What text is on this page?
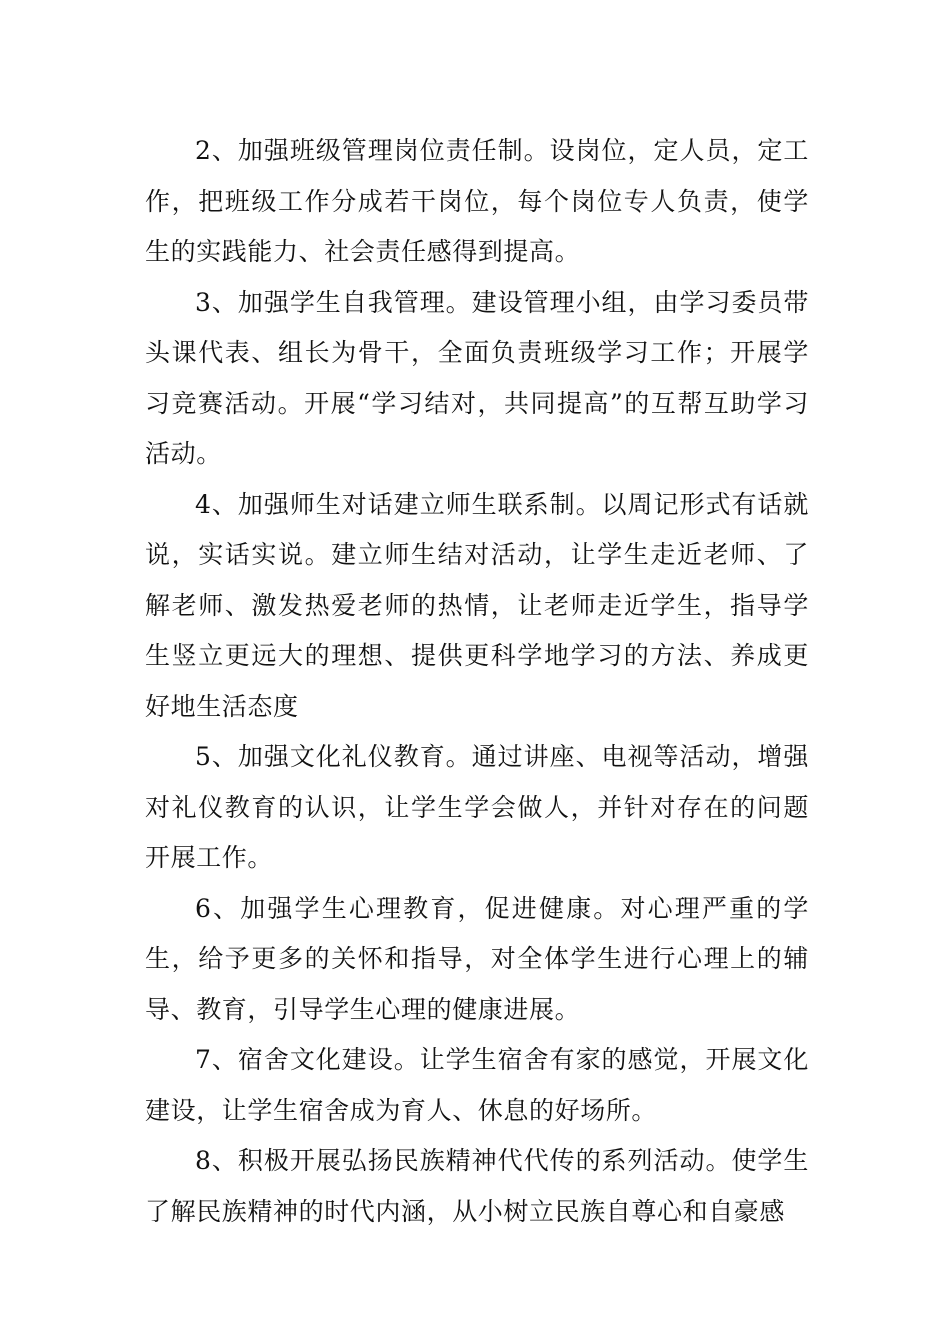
2、加强班级管理岗位责任制。设岗位，定人员，定工作，把班级工作分成若干岗位，每个岗位专人负责，使学生的实践能力、社会责任感得到提高。

3、加强学生自我管理。建设管理小组，由学习委员带头课代表、组长为骨干，全面负责班级学习工作；开展学习竞赛活动。开展“学习结对，共同提高”的互帮互助学习活动。

4、加强师生对话建立师生联系制。以周记形式有话就说，实话实说。建立师生结对活动，让学生走近老师、了解老师、激发热爱老师的热情，让老师走近学生，指导学生竖立更远大的理想、提供更科学地学习的方法、养成更好地生活态度

5、加强文化礼仪教育。通过讲座、电视等活动，增强对礼仪教育的认识，让学生学会做人，并针对存在的问题开展工作。

6、加强学生心理教育，促进健康。对心理严重的学生，给予更多的关怀和指导，对全体学生进行心理上的辅导、教育，引导学生心理的健康进展。

7、宿舍文化建设。让学生宿舍有家的感觉，开展文化建设，让学生宿舍成为育人、休息的好场所。

8、积极开展弘扬民族精神代代传的系列活动。使学生了解民族精神的时代内涵，从小树立民族自尊心和自豪感
